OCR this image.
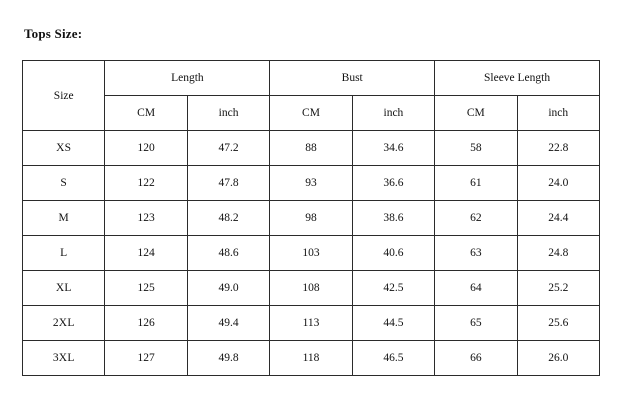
Tops Size:
Size	Length		Bust		Sleeve Length	
	CM	inch	CM	inch	CM	inch
XS	120	47.2	88	34.6	58	22.8
S	122	47.8	93	36.6	61	24.0
M	123	48.2	98	38.6	62	24.4
L	124	48.6	103	40.6	63	24.8
XL	125	49.0	108	42.5	64	25.2
2XL	126	49.4	113	44.5	65	25.6
3XL	127	49.8	118	46.5	66	26.0
